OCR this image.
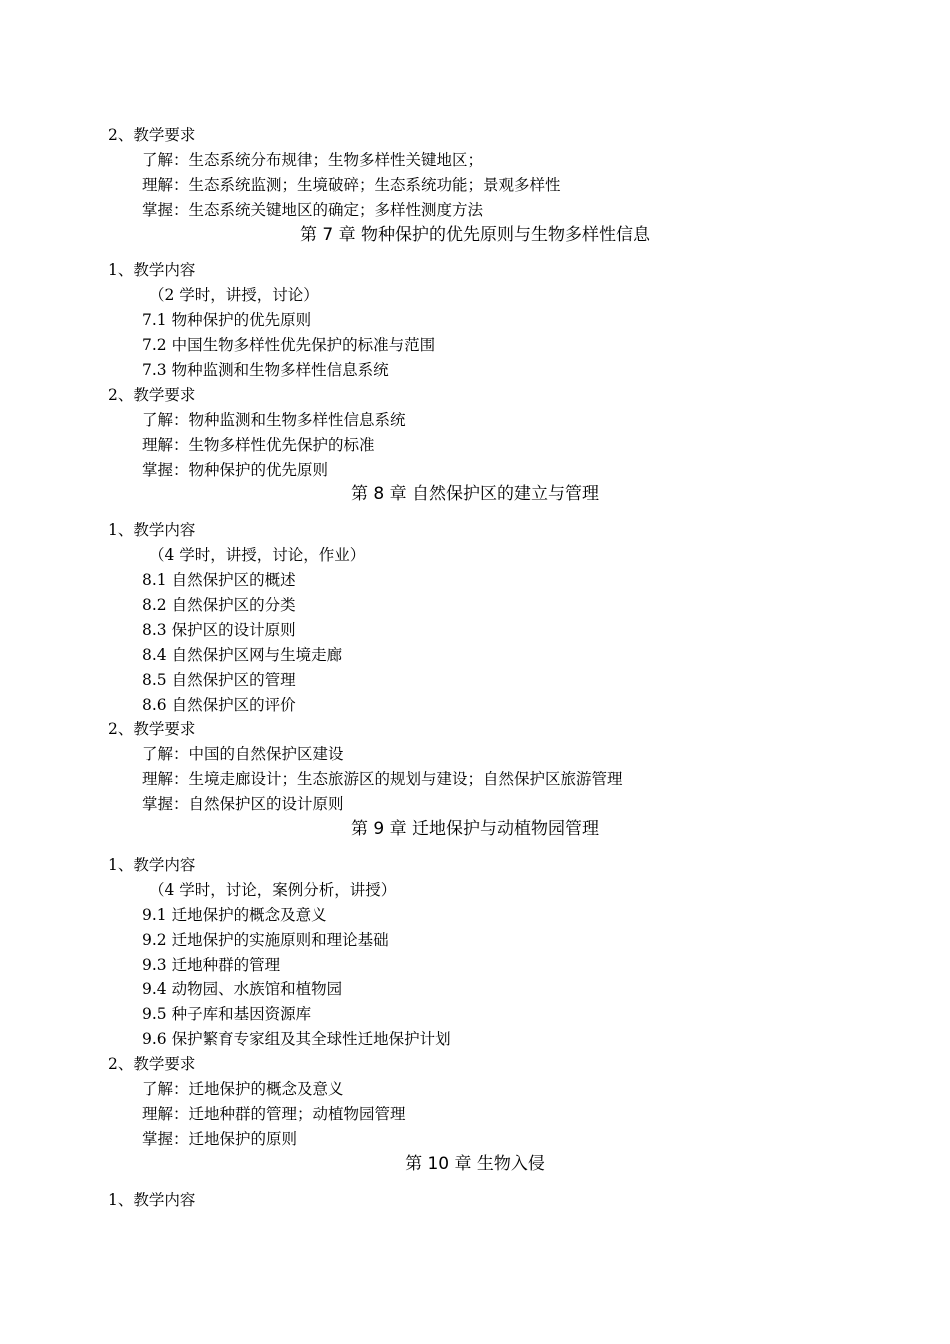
2、教学要求
了解：生态系统分布规律；生物多样性关键地区；
理解：生态系统监测；生境破碎；生态系统功能；景观多样性
掌握：生态系统关键地区的确定；多样性测度方法
第 7 章 物种保护的优先原则与生物多样性信息
1、教学内容
（2 学时，讲授，讨论）
7.1 物种保护的优先原则
7.2 中国生物多样性优先保护的标准与范围
7.3 物种监测和生物多样性信息系统
2、教学要求
了解：物种监测和生物多样性信息系统
理解：生物多样性优先保护的标准
掌握：物种保护的优先原则
第 8 章 自然保护区的建立与管理
1、教学内容
（4 学时，讲授，讨论，作业）
8.1 自然保护区的概述
8.2 自然保护区的分类
8.3 保护区的设计原则
8.4 自然保护区网与生境走廊
8.5 自然保护区的管理
8.6 自然保护区的评价
2、教学要求
了解：中国的自然保护区建设
理解：生境走廊设计；生态旅游区的规划与建设；自然保护区旅游管理
掌握：自然保护区的设计原则
第 9 章 迁地保护与动植物园管理
1、教学内容
（4 学时，讨论，案例分析，讲授）
9.1 迁地保护的概念及意义
9.2 迁地保护的实施原则和理论基础
9.3 迁地种群的管理
9.4 动物园、水族馆和植物园
9.5 种子库和基因资源库
9.6 保护繁育专家组及其全球性迁地保护计划
2、教学要求
了解：迁地保护的概念及意义
理解：迁地种群的管理；动植物园管理
掌握：迁地保护的原则
第 10 章 生物入侵
1、教学内容
